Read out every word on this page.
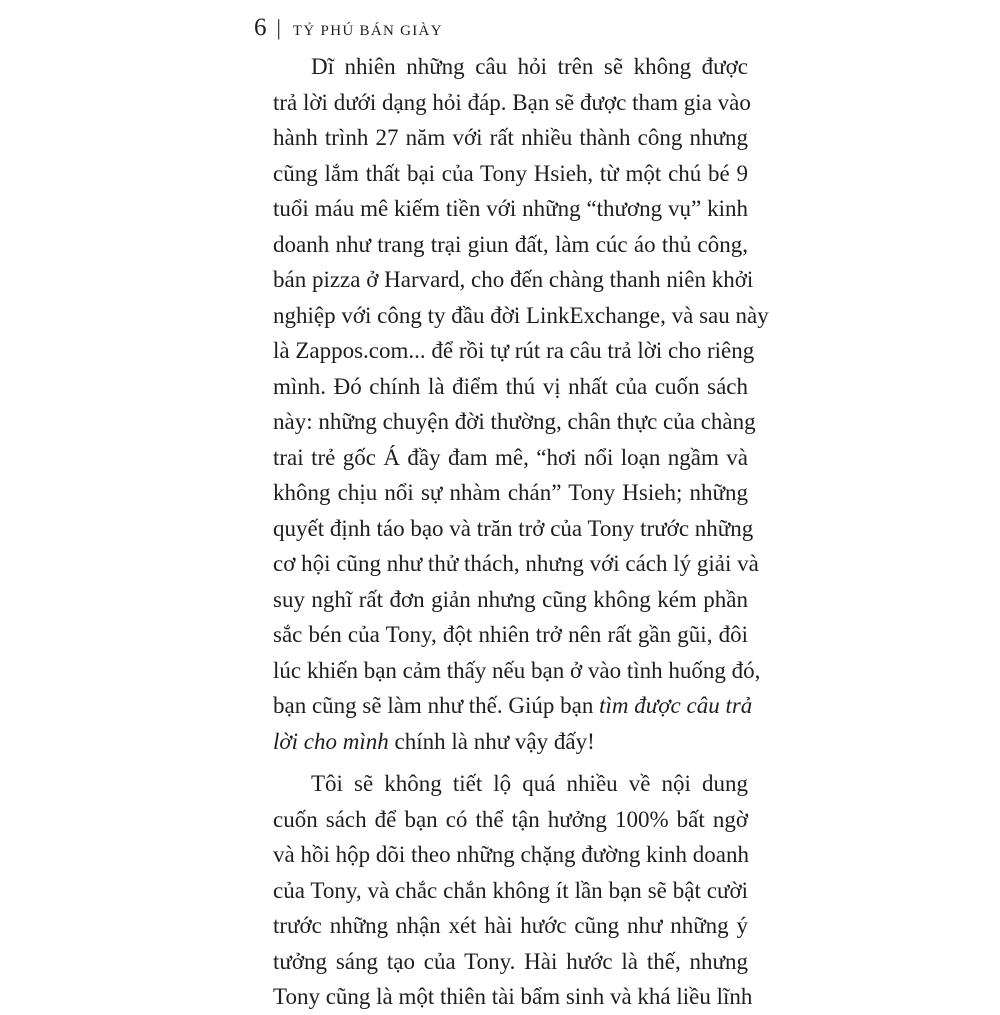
6 | TỶ PHÚ BÁN GIÀY
Dĩ nhiên những câu hỏi trên sẽ không được
trả lời dưới dạng hỏi đáp. Bạn sẽ được tham gia vào
hành trình 27 năm với rất nhiều thành công nhưng
cũng lắm thất bại của Tony Hsieh, từ một chú bé 9
tuổi máu mê kiếm tiền với những “thương vụ” kinh
doanh như trang trại giun đất, làm cúc áo thủ công,
bán pizza ở Harvard, cho đến chàng thanh niên khởi
nghiệp với công ty đầu đời LinkExchange, và sau này
là Zappos.com... để rồi tự rút ra câu trả lời cho riêng
mình. Đó chính là điểm thú vị nhất của cuốn sách
này: những chuyện đời thường, chân thực của chàng
trai trẻ gốc Á đầy đam mê, “hơi nổi loạn ngầm và
không chịu nổi sự nhàm chán” Tony Hsieh; những
quyết định táo bạo và trăn trở của Tony trước những
cơ hội cũng như thử thách, nhưng với cách lý giải và
suy nghĩ rất đơn giản nhưng cũng không kém phần
sắc bén của Tony, đột nhiên trở nên rất gần gũi, đôi
lúc khiến bạn cảm thấy nếu bạn ở vào tình huống đó,
bạn cũng sẽ làm như thế. Giúp bạn tìm được câu trả
lời cho mình chính là như vậy đấy!
Tôi sẽ không tiết lộ quá nhiều về nội dung
cuốn sách để bạn có thể tận hưởng 100% bất ngờ
và hồi hộp dõi theo những chặng đường kinh doanh
của Tony, và chắc chắn không ít lần bạn sẽ bật cười
trước những nhận xét hài hước cũng như những ý
tưởng sáng tạo của Tony. Hài hước là thế, nhưng
Tony cũng là một thiên tài bẩm sinh và khá liều lĩnh
